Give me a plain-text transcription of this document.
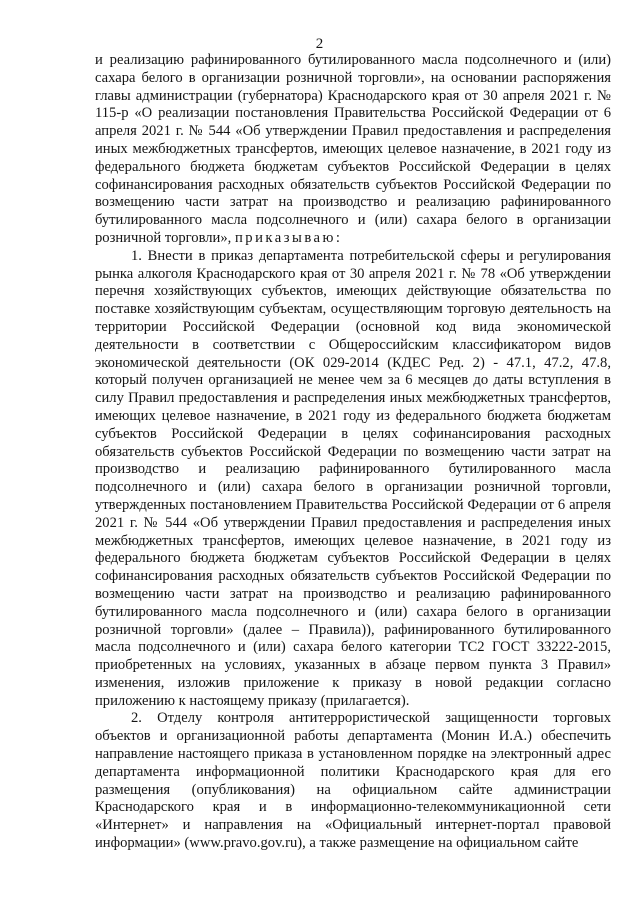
2

и реализацию рафинированного бутилированного масла подсолнечного и (или) сахара белого в организации розничной торговли», на основании распоряжения главы администрации (губернатора) Краснодарского края от 30 апреля 2021 г. № 115-р «О реализации постановления Правительства Российской Федерации от 6 апреля 2021 г. № 544 «Об утверждении Правил предоставления и распределения иных межбюджетных трансфертов, имеющих целевое назначение, в 2021 году из федерального бюджета бюджетам субъектов Российской Федерации в целях софинансирования расходных обязательств субъектов Российской Федерации по возмещению части затрат на производство и реализацию рафинированного бутилированного масла подсолнечного и (или) сахара белого в организации розничной торговли», приказываю:

1. Внести в приказ департамента потребительской сферы и регулирования рынка алкоголя Краснодарского края от 30 апреля 2021 г. № 78 «Об утверждении перечня хозяйствующих субъектов, имеющих действующие обязательства по поставке хозяйствующим субъектам, осуществляющим торговую деятельность на территории Российской Федерации (основной код вида экономической деятельности в соответствии с Общероссийским классификатором видов экономической деятельности (ОК 029-2014 (КДЕС Ред. 2) - 47.1, 47.2, 47.8, который получен организацией не менее чем за 6 месяцев до даты вступления в силу Правил предоставления и распределения иных межбюджетных трансфертов, имеющих целевое назначение, в 2021 году из федерального бюджета бюджетам субъектов Российской Федерации в целях софинансирования расходных обязательств субъектов Российской Федерации по возмещению части затрат на производство и реализацию рафинированного бутилированного масла подсолнечного и (или) сахара белого в организации розничной торговли, утвержденных постановлением Правительства Российской Федерации от 6 апреля 2021 г. № 544 «Об утверждении Правил предоставления и распределения иных межбюджетных трансфертов, имеющих целевое назначение, в 2021 году из федерального бюджета бюджетам субъектов Российской Федерации в целях софинансирования расходных обязательств субъектов Российской Федерации по возмещению части затрат на производство и реализацию рафинированного бутилированного масла подсолнечного и (или) сахара белого в организации розничной торговли» (далее – Правила)), рафинированного бутилированного масла подсолнечного и (или) сахара белого категории ТС2 ГОСТ 33222-2015, приобретенных на условиях, указанных в абзаце первом пункта 3 Правил» изменения, изложив приложение к приказу в новой редакции согласно приложению к настоящему приказу (прилагается).

2. Отделу контроля антитеррористической защищенности торговых объектов и организационной работы департамента (Монин И.А.) обеспечить направление настоящего приказа в установленном порядке на электронный адрес департамента информационной политики Краснодарского края для его размещения (опубликования) на официальном сайте администрации Краснодарского края и в информационно-телекоммуникационной сети «Интернет» и направления на «Официальный интернет-портал правовой информации» (www.pravo.gov.ru), а также размещение на официальном сайте
